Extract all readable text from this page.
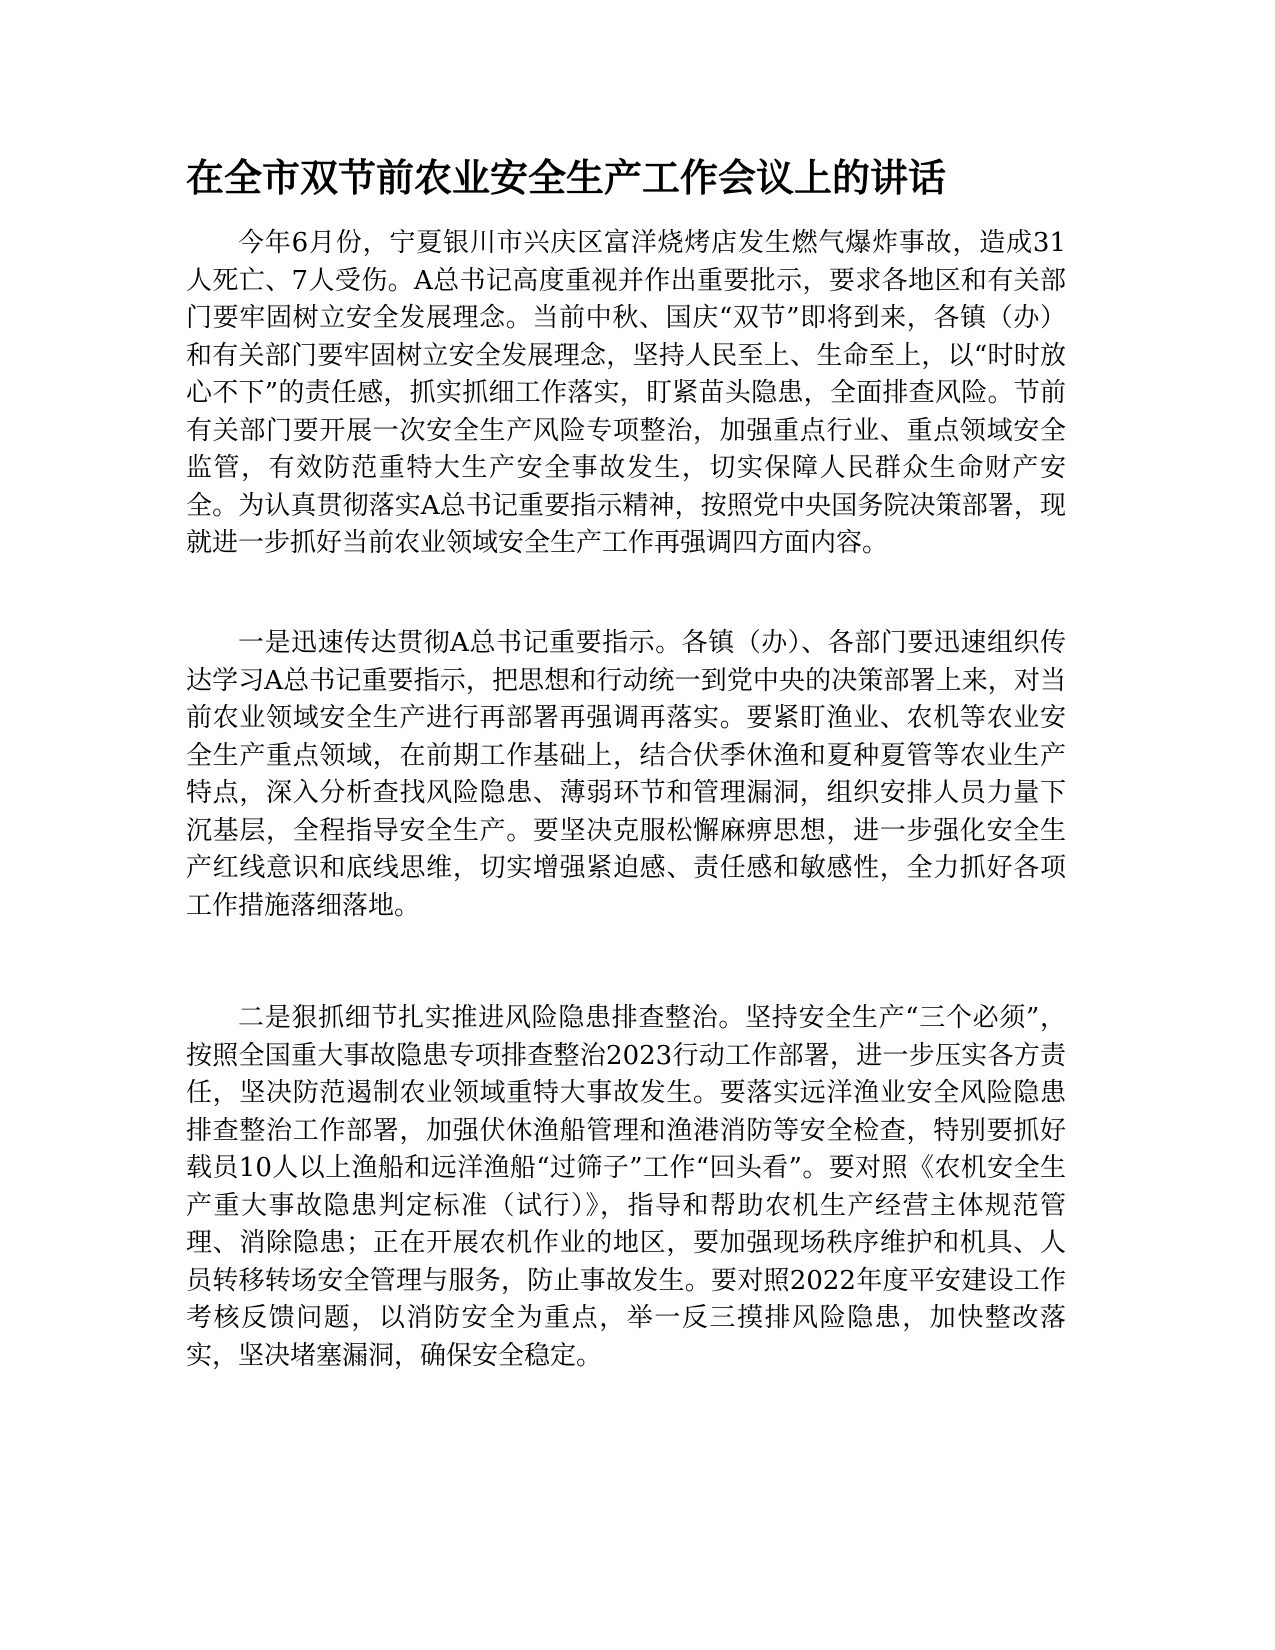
在全市双节前农业安全生产工作会议上的讲话

今年6月份，宁夏银川市兴庆区富洋烧烤店发生燃气爆炸事故，造成31人死亡、7人受伤。A总书记高度重视并作出重要批示，要求各地区和有关部门要牢固树立安全发展理念。当前中秋、国庆“双节”即将到来，各镇（办）和有关部门要牢固树立安全发展理念，坚持人民至上、生命至上，以“时时放心不下”的责任感，抓实抓细工作落实，盯紧苗头隐患，全面排查风险。节前有关部门要开展一次安全生产风险专项整治，加强重点行业、重点领域安全监管，有效防范重特大生产安全事故发生，切实保障人民群众生命财产安全。为认真贯彻落实A总书记重要指示精神，按照党中央国务院决策部署，现就进一步抓好当前农业领域安全生产工作再强调四方面内容。

一是迅速传达贯彻A总书记重要指示。各镇（办）、各部门要迅速组织传达学习A总书记重要指示，把思想和行动统一到党中央的决策部署上来，对当前农业领域安全生产进行再部署再强调再落实。要紧盯渔业、农机等农业安全生产重点领域，在前期工作基础上，结合伏季休渔和夏种夏管等农业生产特点，深入分析查找风险隐患、薄弱环节和管理漏洞，组织安排人员力量下沉基层，全程指导安全生产。要坚决克服松懈麻痹思想，进一步强化安全生产红线意识和底线思维，切实增强紧迫感、责任感和敏感性，全力抓好各项工作措施落细落地。

二是狠抓细节扎实推进风险隐患排查整治。坚持安全生产“三个必须”，按照全国重大事故隐患专项排查整治2023行动工作部署，进一步压实各方责任，坚决防范遏制农业领域重特大事故发生。要落实远洋渔业安全风险隐患排查整治工作部署，加强伏休渔船管理和渔港消防等安全检查，特别要抓好载员10人以上渔船和远洋渔船“过筛子”工作“回头看”。要对照《农机安全生产重大事故隐患判定标准（试行）》，指导和帮助农机生产经营主体规范管理、消除隐患；正在开展农机作业的地区，要加强现场秩序维护和机具、人员转移转场安全管理与服务，防止事故发生。要对照2022年度平安建设工作考核反馈问题，以消防安全为重点，举一反三摸排风险隐患，加快整改落实，坚决堵塞漏洞，确保安全稳定。
